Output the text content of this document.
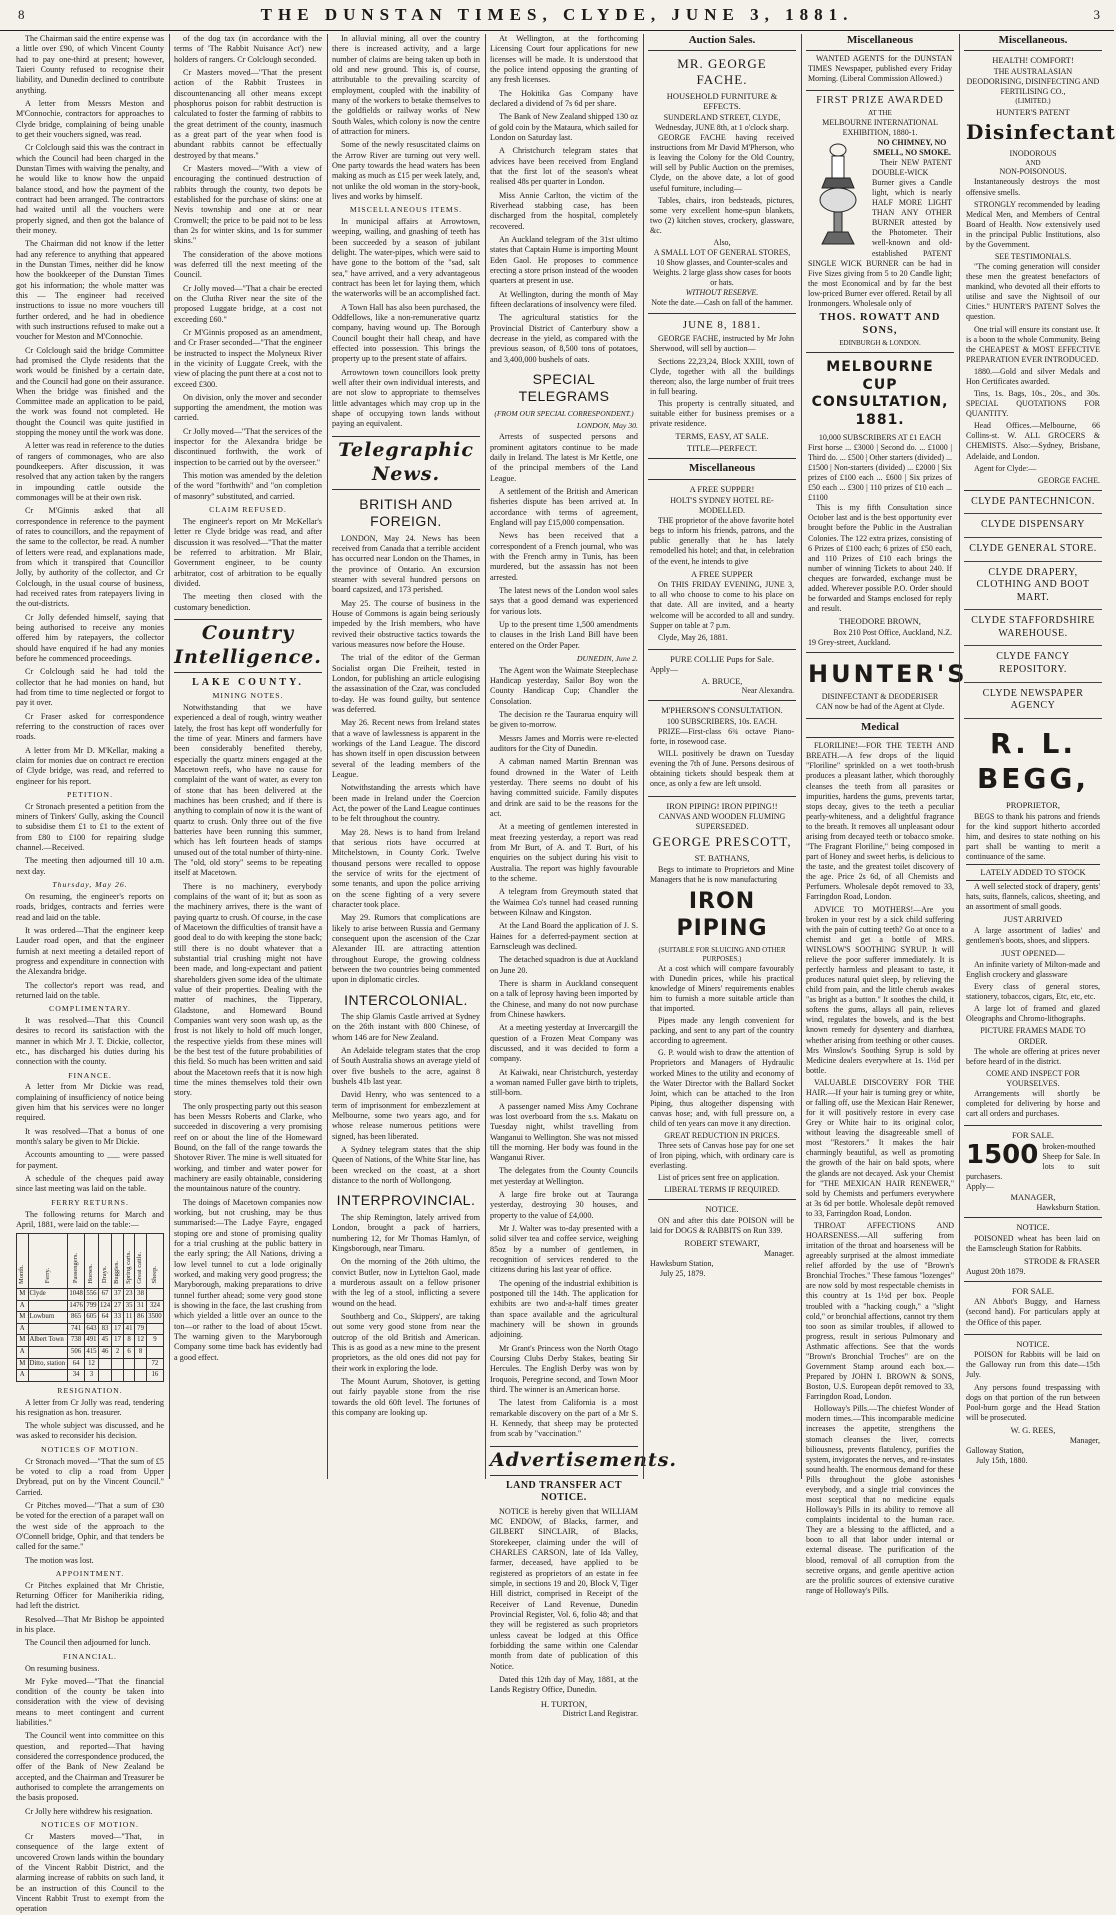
8	THE DUNSTAN TIMES, CLYDE, JUNE 3, 1881.	3

The Chairman said the entire expense was a little over £90, of which Vincent County had to pay one-third at present; however, Taieri County refused to recognise their liability, and Dunedin declined to contribute anything.

A letter from Messrs Meston and M'Connochie, contractors for approaches to Clyde bridge, complaining of being unable to get their vouchers signed, was read.

Cr Colclough said this was the contract in which the Council had been charged in the Dunstan Times with waiving the penalty, and he would like to know how the unpaid balance stood, and how the payment of the contract had been arranged. The contractors had waited until all the vouchers were properly signed, and then got the balance of their money.

The Chairman did not know if the letter had any reference to anything that appeared in the Dunstan Times, neither did he know how the bookkeeper of the Dunstan Times got his information; the whole matter was this — The engineer had received instructions to issue no more vouchers till further ordered, and he had in obedience with such instructions refused to make out a voucher for Meston and M'Connochie.

Cr Colclough said the bridge Committee had promised the Clyde residents that the work would be finished by a certain date, and the Council had gone on their assurance. When the bridge was finished and the Committee made an application to be paid, the work was found not completed. He thought the Council was quite justified in stopping the money until the work was done.

A letter was read in reference to the duties of rangers of commonages, who are also poundkeepers. After discussion, it was resolved that any action taken by the rangers in impounding cattle outside the commonages will be at their own risk.

Cr M'Ginnis asked that all correspondence in reference to the payment of rates to councillors, and the repayment of the same to the collector, be read. A number of letters were read, and explanations made, from which it transpired that Councillor Jolly, by authority of the collector, and Cr Colclough, in the usual course of business, had received rates from ratepayers living in the out-districts.

Cr Jolly defended himself, saying that being authorised to receive any monies offered him by ratepayers, the collector should have enquired if he had any monies before he commenced proceedings.

Cr Colclough said he had told the collector that he had monies on hand, but had from time to time neglected or forgot to pay it over.

Cr Fraser asked for correspondence referring to the construction of races over roads.

A letter from Mr D. M'Kellar, making a claim for monies due on contract re erection of Clyde bridge, was read, and referred to engineer for his report.

PETITION.

Cr Stronach presented a petition from the miners of Tinkers' Gully, asking the Council to subsidise them £1 to £1 to the extent of from £80 to £100 for repairing sludge channel.—Received.

The meeting then adjourned till 10 a.m. next day.

Thursday, May 26.

On resuming, the engineer's reports on roads, bridges, contracts and ferries were read and laid on the table.

It was ordered—That the engineer keep Lauder road open, and that the engineer furnish at next meeting a detailed report of progress and expenditure in connection with the Alexandra bridge.

The collector's report was read, and returned laid on the table.

COMPLIMENTARY.

It was resolved—That this Council desires to record its satisfaction with the manner in which Mr J. T. Dickie, collector, etc., has discharged his duties during his connection with the county.

FINANCE.

A letter from Mr Dickie was read, complaining of insufficiency of notice being given him that his services were no longer required.

It was resolved—That a bonus of one month's salary be given to Mr Dickie.

Accounts amounting to ___ were passed for payment.

A schedule of the cheques paid away since last meeting was laid on the table.

FERRY RETURNS.

The following returns for March and April, 1881, were laid on the table:—

Month.	Ferry.	Passengers.	Horses.	Drays.	Buggies.	Spring carts.	Great cattle.	Sheep.
M	Clyde	1048	556	67	37	23	38	
A		1476	799	124	27	35	31	324
M	Lowburn	865	605	64	33	11	86	3500
A		741	643	83	17	41	79	
M	Albert Town	738	491	45	17	8	12	9
A		506	415	46	2	6	8	
M	Ditto, station	64	12					72
A		34	3					16
RESIGNATION.

A letter from Cr Jolly was read, tendering his resignation as hon. treasurer.

The whole subject was discussed, and he was asked to reconsider his decision.

NOTICES OF MOTION.

Cr Stronach moved—"That the sum of £5 be voted to clip a road from Upper Drybread, put on by the Vincent Council." Carried.

Cr Pitches moved—"That a sum of £30 be voted for the erection of a parapet wall on the west side of the approach to the O'Connell bridge, Ophir, and that tenders be called for the same."

The motion was lost.

APPOINTMENT.

Cr Pitches explained that Mr Christie, Returning Officer for Maniherikia riding, had left the district.

Resolved—That Mr Bishop be appointed in his place.

The Council then adjourned for lunch.

FINANCIAL.

On resuming business.

Mr Fyke moved—"That the financial condition of the county be taken into consideration with the view of devising means to meet contingent and current liabilities."

The Council went into committee on this question, and reported—That having considered the correspondence produced, the offer of the Bank of New Zealand be accepted, and the Chairman and Treasurer be authorised to complete the arrangements on the basis proposed.

Cr Jolly here withdrew his resignation.

NOTICES OF MOTION.

Cr Masters moved—"That, in consequence of the large extent of uncovered Crown lands within the boundary of the Vincent Rabbit District, and the alarming increase of rabbits on such land, it be an instruction of this Council to the Vincent Rabbit Trust to exempt from the operation

of the dog tax (in accordance with the terms of 'The Rabbit Nuisance Act') new holders of rangers. Cr Colclough seconded.

Cr Masters moved—"That the present action of the Rabbit Trustees in discountenancing all other means except phosphorus poison for rabbit destruction is calculated to foster the farming of rabbits to the great detriment of the county, inasmuch as a great part of the year when food is abundant rabbits cannot be effectually destroyed by that means."

Cr Masters moved—"With a view of encouraging the continued destruction of rabbits through the county, two depots be established for the purchase of skins: one at Nevis township and one at or near Cromwell; the price to be paid not to be less than 2s for winter skins, and 1s for summer skins."

The consideration of the above motions was deferred till the next meeting of the Council.

Cr Jolly moved—"That a chair be erected on the Clutha River near the site of the proposed Luggate bridge, at a cost not exceeding £60."

Cr M'Ginnis proposed as an amendment, and Cr Fraser seconded—"That the engineer be instructed to inspect the Molyneux River in the vicinity of Luggate Creek, with the view of placing the punt there at a cost not to exceed £300.

On division, only the mover and seconder supporting the amendment, the motion was carried.

Cr Jolly moved—"That the services of the inspector for the Alexandra bridge be discontinued forthwith, the work of inspection to be carried out by the overseer."

This motion was amended by the deletion of the word "forthwith" and "on completion of masonry" substituted, and carried.

CLAIM REFUSED.

The engineer's report on Mr McKellar's letter re Clyde bridge was read, and after discussion it was resolved—"That the matter be referred to arbitration. Mr Blair, Government engineer, to be county arbitrator, cost of arbitration to be equally divided.

The meeting then closed with the customary benediction.

Country Intelligence.
LAKE COUNTY.
MINING NOTES.

Notwithstanding that we have experienced a deal of rough, wintry weather lately, the frost has kept off wonderfully for the time of year. Miners and farmers have been considerably benefited thereby, especially the quartz miners engaged at the Macetown reefs, who have no cause for complaint of the want of water, as every ton of stone that has been delivered at the machines has been crushed; and if there is anything to complain of now it is the want of quartz to crush. Only three out of the five batteries have been running this summer, which has left fourteen heads of stamps unused out of the total number of thirty-nine. The "old, old story" seems to be repeating itself at Macetown.

There is no machinery, everybody complains of the want of it; but as soon as the machinery arrives, there is the want of paying quartz to crush. Of course, in the case of Macetown the difficulties of transit have a good deal to do with keeping the stone back; still there is no doubt whatever that a substantial trial crushing might not have been made, and long-expectant and patient shareholders given some idea of the ultimate value of their properties. Dealing with the matter of machines, the Tipperary, Gladstone, and Homeward Bound Companies want very soon wash up, as the frost is not likely to hold off much longer, the respective yields from these mines will be the best test of the future probabilities of this field. So much has been written and said about the Macetown reefs that it is now high time the mines themselves told their own story.

The only prospecting party out this season has been Messrs Roberts and Clarke, who succeeded in discovering a very promising reef on or about the line of the Homeward Bound, on the fall of the range towards the Shotover River. The mine is well situated for working, and timber and water power for machinery are easily obtainable, considering the mountainous nature of the country.

The doings of Macetown companies now working, but not crushing, may be thus summarised:—The Ladye Fayre, engaged stoping ore and stone of promising quality for a trial crushing at the public battery in the early spring; the All Nations, driving a low level tunnel to cut a lode originally worked, and making very good progress; the Maryborough, making preparations to drive tunnel further ahead; some very good stone is showing in the face, the last crushing from which yielded a little over an ounce to the ton—or rather to the load of about 15cwt. The warning given to the Maryborough Company some time back has evidently had a good effect.

In alluvial mining, all over the country there is increased activity, and a large number of claims are being taken up both in old and new ground. This is, of course, attributable to the prevailing scarcity of employment, coupled with the inability of many of the workers to betake themselves to the goldfields or railway works of New South Wales, which colony is now the centre of attraction for miners.

Some of the newly resuscitated claims on the Arrow River are turning out very well. One party towards the head waters has been making as much as £15 per week lately, and, not unlike the old woman in the story-book, lives and works by himself.

MISCELLANEOUS ITEMS.

In municipal affairs at Arrowtown, weeping, wailing, and gnashing of teeth has been succeeded by a season of jubilant delight. The water-pipes, which were said to have gone to the bottom of the "sad, salt sea," have arrived, and a very advantageous contract has been let for laying them, which the waterworks will be an accomplished fact.

A Town Hall has also been purchased, the Oddfellows, like a non-remunerative quartz company, having wound up. The Borough Council bought their hall cheap, and have effected into possession. This brings the property up to the present state of affairs.

Arrowtown town councillors look pretty well after their own individual interests, and are not slow to appropriate to themselves little advantages which may crop up in the shape of occupying town lands without paying an equivalent.

Telegraphic News.
BRITISH AND FOREIGN.

LONDON, May 24. News has been received from Canada that a terrible accident has occurred near London on the Thames, in the province of Ontario. An excursion steamer with several hundred persons on board capsized, and 173 perished.

May 25. The course of business in the House of Commons is again being seriously impeded by the Irish members, who have revived their obstructive tactics towards the various measures now before the House.

The trial of the editor of the German Socialist organ Die Freiheit, tested in London, for publishing an article eulogising the assassination of the Czar, was concluded to-day. He was found guilty, but sentence was deferred.

May 26. Recent news from Ireland states that a wave of lawlessness is apparent in the workings of the Land League. The discord has shown itself in open discussion between several of the leading members of the League.

Notwithstanding the arrests which have been made in Ireland under the Coercion Act, the power of the Land League continues to be felt throughout the country.

May 28. News is to hand from Ireland that serious riots have occurred at Mitchelstown, in County Cork. Twelve thousand persons were recalled to oppose the service of writs for the ejectment of some tenants, and upon the police arriving on the scene fighting of a very severe character took place.

May 29. Rumors that complications are likely to arise between Russia and Germany consequent upon the ascension of the Czar Alexander III. are attracting attention throughout Europe, the growing coldness between the two countries being commented upon in diplomatic circles.

INTERCOLONIAL.

The ship Glamis Castle arrived at Sydney on the 26th instant with 800 Chinese, of whom 146 are for New Zealand.

An Adelaide telegram states that the crop of South Australia shows an average yield of over five bushels to the acre, against 8 bushels 41b last year.

David Henry, who was sentenced to a term of imprisonment for embezzlement at Melbourne, some two years ago, and for whose release numerous petitions were signed, has been liberated.

A Sydney telegram states that the ship Queen of Nations, of the White Star line, has been wrecked on the coast, at a short distance to the north of Wollongong.

INTERPROVINCIAL.

The ship Remington, lately arrived from London, brought a pack of harriers, numbering 12, for Mr Thomas Hamlyn, of Kingsborough, near Timaru.

On the morning of the 26th ultimo, the convict Butler, now in Lyttelton Gaol, made a murderous assault on a fellow prisoner with the leg of a stool, inflicting a severe wound on the head.

Southberg and Co., Skippers', are taking out some very good stone from near the outcrop of the old British and American. This is as good as a new mine to the present proprietors, as the old ones did not pay for their work in exploring the lode.

The Mount Aurum, Shotover, is getting out fairly payable stone from the rise towards the old 60ft level. The fortunes of this company are looking up.

At Wellington, at the forthcoming Licensing Court four applications for new licenses will be made. It is understood that the police intend opposing the granting of any fresh licenses.

The Hokitika Gas Company have declared a dividend of 7s 6d per share.

The Bank of New Zealand shipped 130 oz of gold coin by the Mataura, which sailed for London on Saturday last.

A Christchurch telegram states that advices have been received from England that the first lot of the season's wheat realised 48s per quarter in London.

Miss Annie Carlton, the victim of the Riverhead stabbing case, has been discharged from the hospital, completely recovered.

An Auckland telegram of the 31st ultimo states that Captain Hume is importing Mount Eden Gaol. He proposes to commence erecting a store prison instead of the wooden quarters at present in use.

At Wellington, during the month of May fifteen declarations of insolvency were filed.

The agricultural statistics for the Provincial District of Canterbury show a decrease in the yield, as compared with the previous season, of 8,500 tons of potatoes, and 3,400,000 bushels of oats.

SPECIAL TELEGRAMS
(FROM OUR SPECIAL CORRESPONDENT.)
LONDON, May 30.

Arrests of suspected persons and prominent agitators continue to be made daily in Ireland. The latest is Mr Kettle, one of the principal members of the Land League.

A settlement of the British and American fisheries dispute has been arrived at. In accordance with terms of agreement, England will pay £15,000 compensation.

News has been received that a correspondent of a French journal, who was with the French army in Tunis, has been murdered, but the assassin has not been arrested.

The latest news of the London wool sales says that a good demand was experienced for various lots.

Up to the present time 1,500 amendments to clauses in the Irish Land Bill have been entered on the Order Paper.

DUNEDIN, June 2.

The Agent won the Waimate Steeplechase Handicap yesterday, Sailor Boy won the County Handicap Cup; Chandler the Consolation.

The decision re the Taurarua enquiry will be given to-morrow.

Messrs James and Morris were re-elected auditors for the City of Dunedin.

A cabman named Martin Brennan was found drowned in the Water of Leith yesterday. There seems no doubt of his having committed suicide. Family disputes and drink are said to be the reasons for the act.

At a meeting of gentlemen interested in meat freezing yesterday, a report was read from Mr Burt, of A. and T. Burt, of his enquiries on the subject during his visit to Australia. The report was highly favourable to the scheme.

A telegram from Greymouth stated that the Waimea Co's tunnel had ceased running between Kilnaw and Kingston.

At the Land Board the application of J. S. Haines for a deferred-payment section at Earnscleugh was declined.

The detached squadron is due at Auckland on June 20.

There is sharm in Auckland consequent on a talk of leprosy having been imported by the Chinese, and many do not now purchase from Chinese hawkers.

At a meeting yesterday at Invercargill the question of a Frozen Meat Company was discussed, and it was decided to form a company.

At Kaiwaki, near Christchurch, yesterday a woman named Fuller gave birth to triplets, still-born.

A passenger named Miss Amy Cochrane was lost overboard from the s.s. Makatu on Tuesday night, whilst travelling from Wanganui to Wellington. She was not missed till the morning. Her body was found in the Wanganui River.

The delegates from the County Councils met yesterday at Wellington.

A large fire broke out at Tauranga yesterday, destroying 30 houses, and property to the value of £4,000.

Mr J. Walter was to-day presented with a solid silver tea and coffee service, weighing 85oz by a number of gentlemen, in recognition of services rendered to the citizens during his last year of office.

The opening of the industrial exhibition is postponed till the 14th. The application for exhibits are two and-a-half times greater than space available and the agricultural machinery will be shown in grounds adjoining.

Mr Grant's Princess won the North Otago Coursing Clubs Derby Stakes, beating Sir Hercules. The English Derby was won by Iroquois, Peregrine second, and Town Moor third. The winner is an American horse.

The latest from California is a most remarkable discovery on the part of a Mr S. H. Kennedy, that sheep may be protected from scab by "vaccination."

Advertisements.
LAND TRANSFER ACT NOTICE.

NOTICE is hereby given that WILLIAM MC ENDOW, of Blacks, farmer, and GILBERT SINCLAIR, of Blacks, Storekeeper, claiming under the will of CHARLES CARSON, late of Ida Valley, farmer, deceased, have applied to be registered as proprietors of an estate in fee simple, in sections 19 and 20, Block V, Tiger Hill district, comprised in Receipt of the Receiver of Land Revenue, Dunedin Provincial Register, Vol. 6, folio 48; and that they will be registered as such proprietors unless caveat be lodged at this Office forbidding the same within one Calendar month from date of publication of this Notice.

Dated this 12th day of May, 1881, at the Lands Registry Office, Dunedin.

H. TURTON,
District Land Registrar.
Auction Sales.
MR. GEORGE FACHE.
HOUSEHOLD FURNITURE & EFFECTS.
SUNDERLAND STREET, CLYDE, Wednesday, JUNE 8th, at 1 o'clock sharp.

GEORGE FACHE having received instructions from Mr David M'Pherson, who is leaving the Colony for the Old Country, will sell by Public Auction on the premises, Clyde, on the above date, a lot of good useful furniture, including—

Tables, chairs, iron bedsteads, pictures, some very excellent home-spun blankets, two (2) kitchen stoves, crockery, glassware, &c.

Also,
A SMALL LOT OF GENERAL STORES, 10 Show glasses, and Counter-scales and Weights. 2 large glass show cases for boots or hats.
WITHOUT RESERVE.
Note the date.—Cash on fall of the hammer.
JUNE 8, 1881.

GEORGE FACHE, instructed by Mr John Sherwood, will sell by auction—

Sections 22,23,24, Block XXIII, town of Clyde, together with all the buildings thereon; also, the large number of fruit trees in full bearing.

This property is centrally situated, and suitable either for business premises or a private residence.

TERMS, EASY, AT SALE.
TITLE—PERFECT.
Miscellaneous
A FREE SUPPER!
HOLT'S SYDNEY HOTEL RE-MODELLED.

THE proprietor of the above favorite hotel begs to inform his friends, patrons, and the public generally that he has lately remodelled his hotel; and that, in celebration of the event, he intends to give

A FREE SUPPER

On THIS FRIDAY EVENING, JUNE 3, to all who choose to come to his place on that date. All are invited, and a hearty welcome will be accorded to all and sundry. Supper on table at 7 p.m.

Clyde, May 26, 1881.

PURE COLLIE Pups for Sale.
Apply—
A. BRUCE,
Near Alexandra.
M'PHERSON'S CONSULTATION.
100 SUBSCRIBERS, 10s. EACH.

PRIZE—First-class 6¾ octave Piano-forte, in rosewood case.

WILL positively be drawn on Tuesday evening the 7th of June. Persons desirous of obtaining tickets should bespeak them at once, as only a few are left unsold.

IRON PIPING! IRON PIPING!!
CANVAS AND WOODEN FLUMING SUPERSEDED.
GEORGE PRESCOTT,
ST. BATHANS,

Begs to intimate to Proprietors and Mine Managers that he is now manufacturing

IRON PIPING
(SUITABLE FOR SLUICING AND OTHER PURPOSES.)

At a cost which will compare favourably with Dunedin prices, while his practical knowledge of Miners' requirements enables him to furnish a more suitable article than that imported.

Pipes made any length convenient for packing, and sent to any part of the country according to agreement.

G. P. would wish to draw the attention of Proprietors and Managers of Hydraulic worked Mines to the utility and economy of the Water Director with the Ballard Socket Joint, which can be attached to the Iron Piping, thus altogether dispensing with canvas hose; and, with full pressure on, a child of ten years can move it any direction.

GREAT REDUCTION IN PRICES.

Three sets of Canvas hose pay for one set of Iron piping, which, with ordinary care is everlasting.

List of prices sent free on application.

LIBERAL TERMS IF REQUIRED.
NOTICE.

ON and after this date POISON will be laid for DOGS & RABBITS on Run 339.

ROBERT STEWART,
Manager.
Hawksburn Station,
July 25, 1879.
Miscellaneous

WANTED AGENTS for the DUNSTAN TIMES Newspaper, published every Friday Morning. (Liberal Commission Allowed.)

FIRST PRIZE AWARDED
AT THE
MELBOURNE INTERNATIONAL EXHIBITION, 1880-1.
NO CHIMNEY, NO SMELL, NO SMOKE.

Their NEW PATENT DOUBLE-WICK Burner gives a Candle light, which is nearly HALF MORE LIGHT THAN ANY OTHER BURNER attested by the Photometer. Their well-known and old-established PATENT SINGLE WICK BURNER can be had in Five Sizes giving from 5 to 20 Candle light; the most Economical and by far the best low-priced Burner ever offered. Retail by all Ironmongers. Wholesale only of

THOS. ROWATT AND SONS,
EDINBURGH & LONDON.
MELBOURNE CUP CONSULTATION, 1881.
10,000 SUBSCRIBERS AT £1 EACH
First horse ... £3000 | Second do. ... £1000 | Third do. ... £500 | Other starters (divided) ... £1500 | Non-starters (divided) ... £2000 | Six prizes of £100 each ... £600 | Six prizes of £50 each ... £300 | 110 prizes of £10 each ... £1100

This is my fifth Consultation since October last and is the best opportunity ever brought before the Public in the Australian Colonies. The 122 extra prizes, consisting of 6 Prizes of £100 each; 6 prizes of £50 each, and 110 Prizes of £10 each brings the number of winning Tickets to about 240. If cheques are forwarded, exchange must be added. Wherever possible P.O. Order should be forwarded and Stamps enclosed for reply and result.

THEODORE BROWN,
Box 210 Post Office, Auckland, N.Z.
19 Grey-street, Auckland.
HUNTER'S
DISINFECTANT & DEODERISER

CAN now be had of the Agent at Clyde.

Medical

FLORILINE!—FOR THE TEETH AND BREATH.—A few drops of the liquid "Floriline" sprinkled on a wet tooth-brush produces a pleasant lather, which thoroughly cleanses the teeth from all parasites or impurities, hardens the gums, prevents tartar, stops decay, gives to the teeth a peculiar pearly-whiteness, and a delightful fragrance to the breath. It removes all unpleasant odour arising from decayed teeth or tobacco smoke. "The Fragrant Floriline," being composed in part of Honey and sweet herbs, is delicious to the taste, and the greatest toilet discovery of the age. Price 2s 6d, of all Chemists and Perfumers. Wholesale depôt removed to 33, Farringdon Road, London.

ADVICE TO MOTHERS!—Are you broken in your rest by a sick child suffering with the pain of cutting teeth? Go at once to a chemist and get a bottle of MRS. WINSLOW'S SOOTHING SYRUP. It will relieve the poor sufferer immediately. It is perfectly harmless and pleasant to taste, it produces natural quiet sleep, by relieving the child from pain, and the little cherub awakes "as bright as a button." It soothes the child, it softens the gums, allays all pain, relieves wind, regulates the bowels, and is the best known remedy for dysentery and diarrhœa, whether arising from teething or other causes. Mrs Winslow's Soothing Syrup is sold by Medicine dealers everywhere at 1s. 1½d per bottle.

VALUABLE DISCOVERY FOR THE HAIR.—If your hair is turning grey or white, or falling off, use the Mexican Hair Renewer, for it will positively restore in every case Grey or White hair to its original color, without leaving the disagreeable smell of most "Restorers." It makes the hair charmingly beautiful, as well as promoting the growth of the hair on bald spots, where the glands are not decayed. Ask your Chemist for "THE MEXICAN HAIR RENEWER," sold by Chemists and perfumers everywhere at 3s 6d per bottle. Wholesale depôt removed to 33, Farringdon Road, London.

THROAT AFFECTIONS AND HOARSENESS.—All suffering from irritation of the throat and hoarseness will be agreeably surprised at the almost immediate relief afforded by the use of "Brown's Bronchial Troches." These famous "lozenges" are now sold by most respectable chemists in this country at 1s 1½d per box. People troubled with a "hacking cough," a "slight cold," or bronchial affections, cannot try them too soon as similar troubles, if allowed to progress, result in serious Pulmonary and Asthmatic affections. See that the words "Brown's Bronchial Troches" are on the Government Stamp around each box.—Prepared by JOHN I. BROWN & SONS, Boston, U.S. European depôt removed to 33, Farringdon Road, London.

Holloway's Pills.—The chiefest Wonder of modern times.—This incomparable medicine increases the appetite, strengthens the stomach cleanses the liver, corrects biliousness, prevents flatulency, purifies the system, invigorates the nerves, and re-instates sound health. The enormous demand for these Pills throughout the globe astonishes everybody, and a single trial convinces the most sceptical that no medicine equals Holloway's Pills in its ability to remove all complaints incidental to the human race. They are a blessing to the afflicted, and a boon to all that labor under internal or external disease. The purification of the blood, removal of all corruption from the secretive organs, and gentle aperitive action are the prolific sources of extensive curative range of Holloway's Pills.

Miscellaneous.
HEALTH! COMFORT!
THE AUSTRALASIAN DEODORISING, DISINFECTING AND FERTILISING CO.,
(LIMITED.)
HUNTER'S PATENT
Disinfectant
INODOROUS
AND
NON-POISONOUS.

Instantaneously destroys the most offensive smells.

STRONGLY recommended by leading Medical Men, and Members of Central Board of Health. Now extensively used in the principal Public Institutions, also by the Government.

SEE TESTIMONIALS.

"The coming generation will consider these men the greatest benefactors of mankind, who devoted all their efforts to utilise and save the Nightsoil of our Cities." HUNTER'S PATENT Solves the question.

One trial will ensure its constant use. It is a boon to the whole Community. Being the CHEAPEST & MOST EFFECTIVE PREPARATION EVER INTRODUCED.

1880.—Gold and silver Medals and Hon Certificates awarded.

Tins, 1s. Bags, 10s., 20s., and 30s. SPECIAL QUOTATIONS FOR QUANTITY.

Head Offices.—Melbourne, 66 Collins-st. W. ALL GROCERS & CHEMISTS. Also:—Sydney, Brisbane, Adelaide, and London.

Agent for Clyde:—

GEORGE FACHE.
CLYDE PANTECHNICON.
CLYDE DISPENSARY
CLYDE GENERAL STORE.
CLYDE DRAPERY, CLOTHING AND BOOT MART.
CLYDE STAFFORDSHIRE WAREHOUSE.
CLYDE FANCY REPOSITORY.
CLYDE NEWSPAPER AGENCY
R. L. BEGG,
PROPRIETOR,

BEGS to thank his patrons and friends for the kind support hitherto accorded him, and desires to state nothing on his part shall be wanting to merit a continuance of the same.

LATELY ADDED TO STOCK

A well selected stock of drapery, gents' hats, suits, flannels, calicos, sheeting, and an assortment of small goods.

JUST ARRIVED

A large assortment of ladies' and gentlemen's boots, shoes, and slippers.

JUST OPENED—

An infinite variety of Milton-made and English crockery and glassware

Every class of general stores, stationery, tobaccos, cigars, Etc, etc, etc.

A large lot of framed and glazed Oleographs and Chromo-lithographs.

PICTURE FRAMES MADE TO ORDER.

The whole are offering at prices never before heard of in the district.

COME AND INSPECT FOR YOURSELVES.

Arrangements will shortly be completed for delivering by horse and cart all orders and purchases.

FOR SALE.
1500 broken-mouthed Sheep for Sale. In lots to suit purchasers.
Apply—
MANAGER,
Hawksburn Station.
NOTICE.

POISONED wheat has been laid on the Earnscleugh Station for Rabbits.

STRODE & FRASER
August 20th 1879.
FOR SALE.

AN Abbot's Buggy, and Harness (second hand). For particulars apply at the Office of this paper.

NOTICE.

POISON for Rabbits will be laid on the Galloway run from this date—15th July.

Any persons found trespassing with dogs on that portion of the run between Pool-burn gorge and the Head Station will be prosecuted.

W. G. REES,
Manager,
Galloway Station,
July 15th, 1880.
